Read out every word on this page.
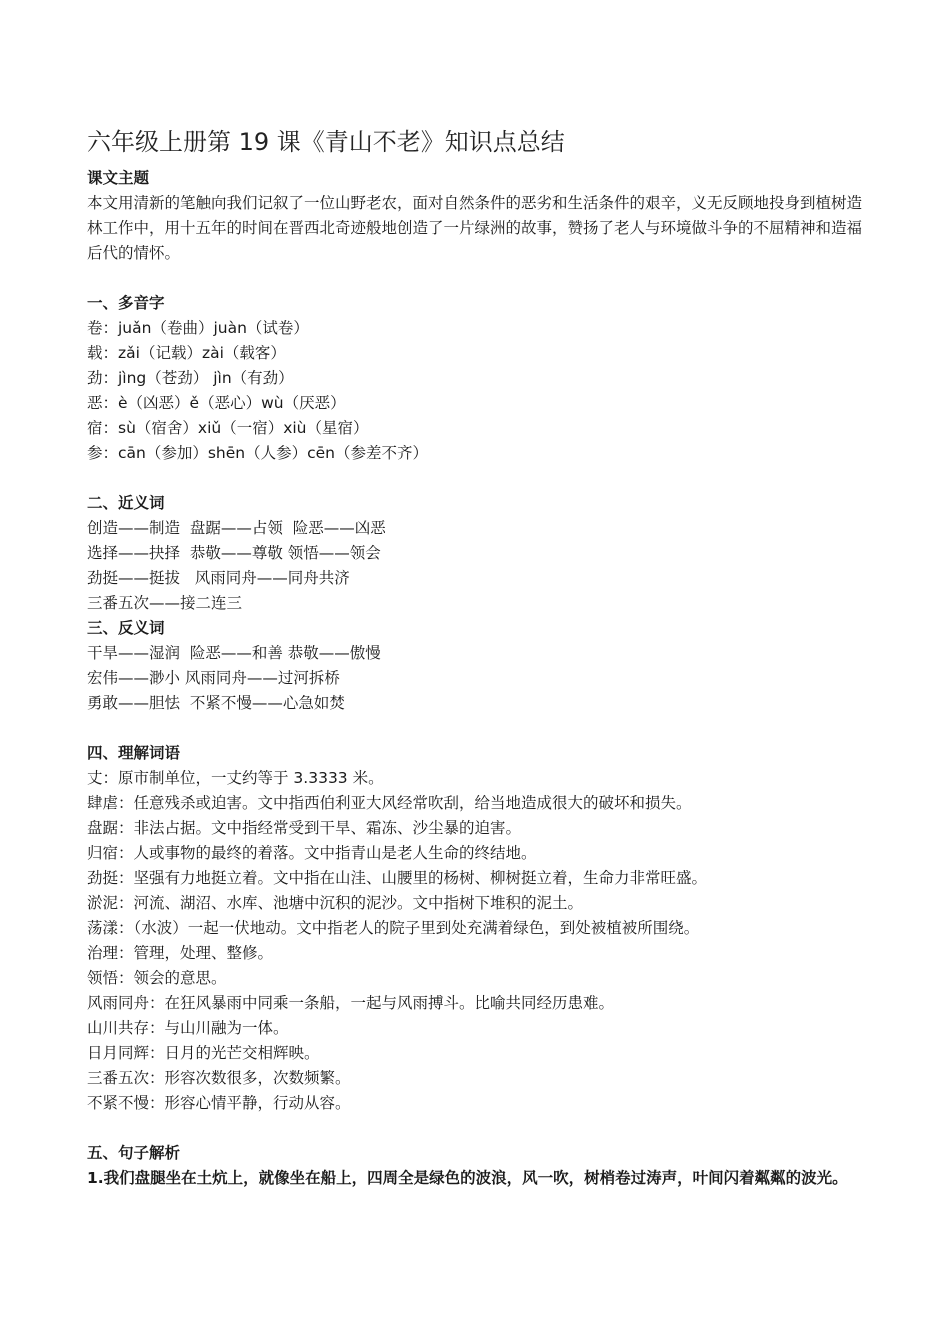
六年级上册第 19 课《青山不老》知识点总结

课文主题

本文用清新的笔触向我们记叙了一位山野老农，面对自然条件的恶劣和生活条件的艰辛，义无反顾地投身到植树造林工作中，用十五年的时间在晋西北奇迹般地创造了一片绿洲的故事，赞扬了老人与环境做斗争的不屈精神和造福后代的情怀。

一、多音字

卷：juǎn（卷曲）juàn（试卷）

载：zǎi（记载）zài（载客）

劲：jìng（苍劲） jìn（有劲）

恶：è（凶恶）ě（恶心）wù（厌恶）

宿：sù（宿舍）xiǔ（一宿）xiù（星宿）

参：cān（参加）shēn（人参）cēn（参差不齐）

二、近义词

创造——制造  盘踞——占领  险恶——凶恶

选择——抉择  恭敬——尊敬 领悟——领会

劲挺——挺拔   风雨同舟——同舟共济

三番五次——接二连三

三、反义词

干旱——湿润  险恶——和善 恭敬——傲慢

宏伟——渺小 风雨同舟——过河拆桥

勇敢——胆怯  不紧不慢——心急如焚

四、理解词语

丈：原市制单位，一丈约等于 3.3333 米。

肆虐：任意残杀或迫害。文中指西伯利亚大风经常吹刮，给当地造成很大的破坏和损失。

盘踞：非法占据。文中指经常受到干旱、霜冻、沙尘暴的迫害。

归宿：人或事物的最终的着落。文中指青山是老人生命的终结地。

劲挺：坚强有力地挺立着。文中指在山洼、山腰里的杨树、柳树挺立着，生命力非常旺盛。

淤泥：河流、湖沼、水库、池塘中沉积的泥沙。文中指树下堆积的泥土。

荡漾：（水波）一起一伏地动。文中指老人的院子里到处充满着绿色，到处被植被所围绕。

治理：管理，处理、整修。

领悟：领会的意思。

风雨同舟：在狂风暴雨中同乘一条船，一起与风雨搏斗。比喻共同经历患难。

山川共存：与山川融为一体。

日月同辉：日月的光芒交相辉映。

三番五次：形容次数很多，次数频繁。

不紧不慢：形容心情平静，行动从容。

五、句子解析

1.我们盘腿坐在土炕上，就像坐在船上，四周全是绿色的波浪，风一吹，树梢卷过涛声，叶间闪着粼粼的波光。
